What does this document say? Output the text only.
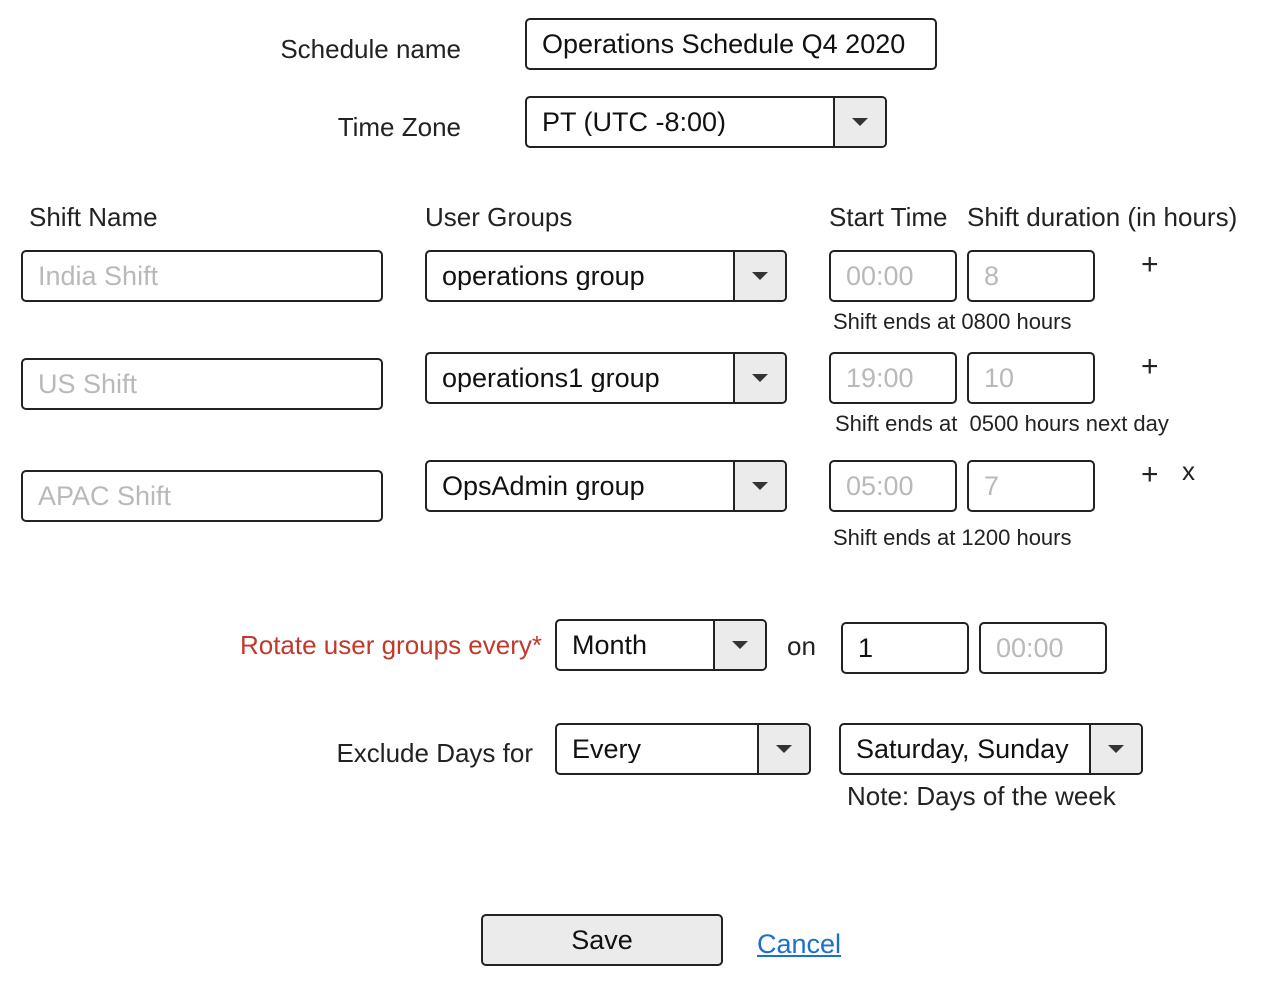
Schedule name	Operations Schedule Q4 2020
Time Zone	PT (UTC -8:00)
Shift Name	User Groups	Start Time Shift duration (in hours)
India Shift	operations group	00:00	8	+
Shift ends at 0800 hours
US Shift	operations1 group	19:00	10	+
Shift ends at  0500 hours next day
APAC Shift	OpsAdmin group	05:00	7	+ x
Shift ends at 1200 hours
Rotate user groups every* Month	on 1	00:00
Exclude Days for Every	Saturday, Sunday
Note: Days of the week
Save	Cancel
